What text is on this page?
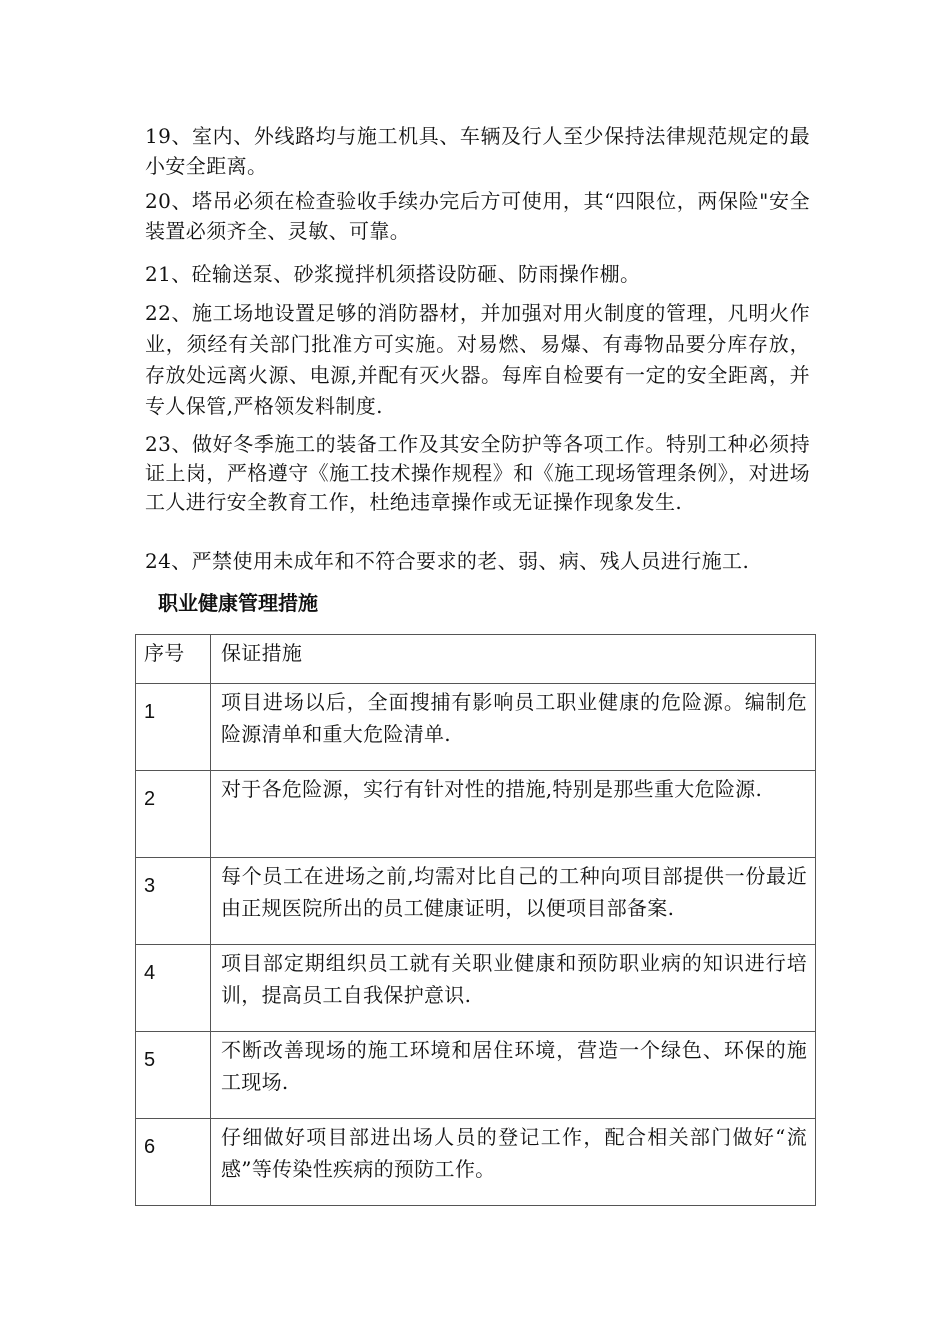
19、室内、外线路均与施工机具、车辆及行人至少保持法律规范规定的最小安全距离。

20、塔吊必须在检查验收手续办完后方可使用，其“四限位，两保险"安全装置必须齐全、灵敏、可靠。

21、砼输送泵、砂浆搅拌机须搭设防砸、防雨操作棚。

22、施工场地设置足够的消防器材，并加强对用火制度的管理，凡明火作业，须经有关部门批准方可实施。对易燃、易爆、有毒物品要分库存放，存放处远离火源、电源,并配有灭火器。每库自检要有一定的安全距离，并专人保管,严格领发料制度.

23、做好冬季施工的装备工作及其安全防护等各项工作。特别工种必须持证上岗，严格遵守《施工技术操作规程》和《施工现场管理条例》，对进场工人进行安全教育工作，杜绝违章操作或无证操作现象发生.

24、严禁使用未成年和不符合要求的老、弱、病、残人员进行施工.

职业健康管理措施
序号	保证措施
1	项目进场以后，全面搜捕有影响员工职业健康的危险源。编制危险源清单和重大危险清单.
2	对于各危险源，实行有针对性的措施,特别是那些重大危险源.
3	每个员工在进场之前,均需对比自己的工种向项目部提供一份最近由正规医院所出的员工健康证明，以便项目部备案.
4	项目部定期组织员工就有关职业健康和预防职业病的知识进行培训，提高员工自我保护意识.
5	不断改善现场的施工环境和居住环境，营造一个绿色、环保的施工现场.
6	仔细做好项目部进出场人员的登记工作，配合相关部门做好“流感”等传染性疾病的预防工作。
